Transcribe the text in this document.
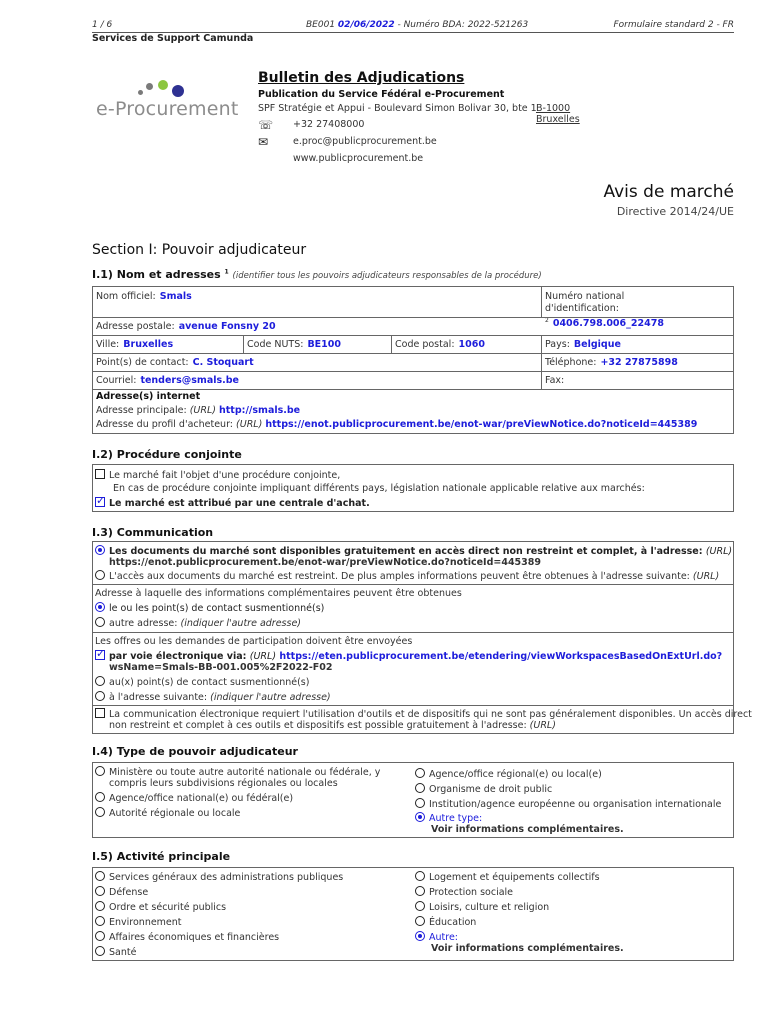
1 / 6	BE001 02/06/2022 - Numéro BDA: 2022-521263	Formulaire standard 2 - FR
Services de Support Camunda
e-Procurement
Bulletin des Adjudications
Publication du Service Fédéral e-Procurement
SPF Stratégie et Appui - Boulevard Simon Bolivar 30, bte 1 B-1000 Bruxelles
☏ +32 27408000
✉	e.proc@publicprocurement.be
www.publicprocurement.be
Avis de marché
Directive 2014/24/UE
Section I: Pouvoir adjudicateur
I.1) Nom et adresses $^1$ (identifier tous les pouvoirs adjudicateurs responsables de la procédure)
Nom officiel: Smals	Numéro national
d'identification: $^2$ 0406.798.006_22478
Adresse postale: avenue Fonsny 20
Ville: Bruxelles	Code NUTS: BE100	Code postal: 1060	Pays: Belgique
Point(s) de contact: C. Stoquart	Téléphone: +32 27875898
Courriel: tenders@smals.be	Fax:
Adresse(s) internet
Adresse principale: (URL) http://smals.be
Adresse du profil d'acheteur: (URL) https://enot.publicprocurement.be/enot-war/preViewNotice.do?noticeId=445389
I.2) Procédure conjointe
Le marché fait l'objet d'une procédure conjointe,
En cas de procédure conjointe impliquant différents pays, législation nationale applicable relative aux marchés:
✓Le marché est attribué par une centrale d'achat.
I.3) Communication
Les documents du marché sont disponibles gratuitement en accès direct non restreint et complet, à l'adresse: (URL)
https://enot.publicprocurement.be/enot-war/preViewNotice.do?noticeId=445389
L'accès aux documents du marché est restreint. De plus amples informations peuvent être obtenues à l'adresse suivante: (URL)
Adresse à laquelle des informations complémentaires peuvent être obtenues
le ou les point(s) de contact susmentionné(s)
autre adresse: (indiquer l'autre adresse)
Les offres ou les demandes de participation doivent être envoyées
✓par voie électronique via: (URL) https://eten.publicprocurement.be/etendering/viewWorkspacesBasedOnExtUrl.do?
wsName=Smals-BB-001.005%2F2022-F02
au(x) point(s) de contact susmentionné(s)
à l'adresse suivante: (indiquer l'autre adresse)
La communication électronique requiert l'utilisation d'outils et de dispositifs qui ne sont pas généralement disponibles. Un accès direct
non restreint et complet à ces outils et dispositifs est possible gratuitement à l'adresse: (URL)
I.4) Type de pouvoir adjudicateur
Ministère ou toute autre autorité nationale ou fédérale, y
compris leurs subdivisions régionales ou locales
Agence/office national(e) ou fédéral(e)
Autorité régionale ou locale
Agence/office régional(e) ou local(e)
Organisme de droit public
Institution/agence européenne ou organisation internationale
Autre type:
Voir informations complémentaires.
I.5) Activité principale
Services généraux des administrations publiques
Défense
Ordre et sécurité publics
Environnement
Affaires économiques et financières
Santé
Logement et équipements collectifs
Protection sociale
Loisirs, culture et religion
Éducation
Autre:
Voir informations complémentaires.
